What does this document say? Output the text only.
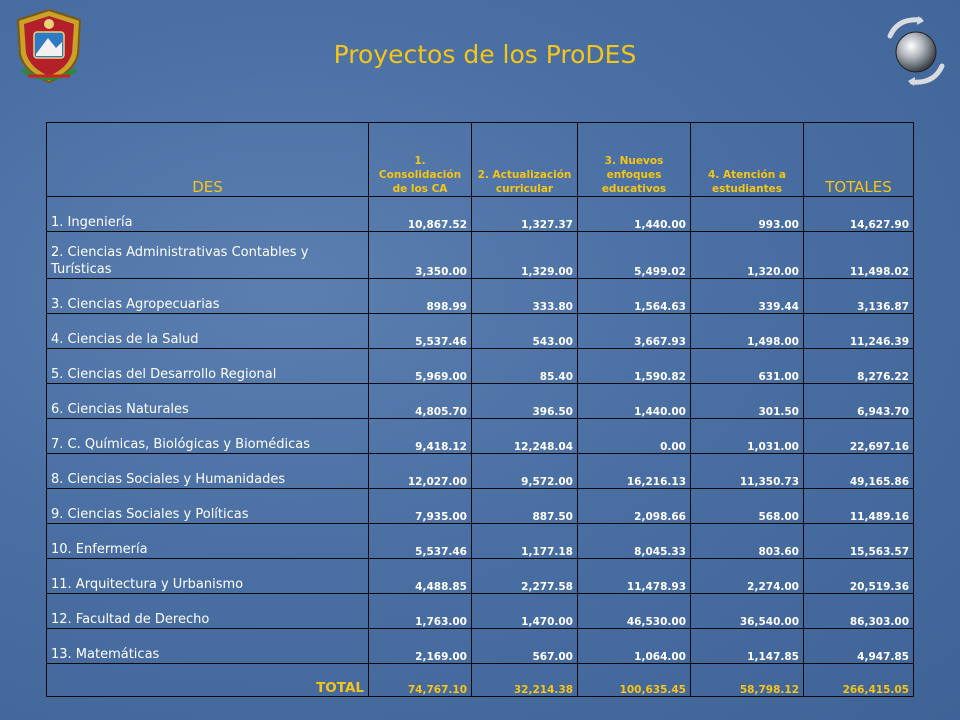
Proyectos de los ProDES
DES	1. Consolidación de los CA	2. Actualización curricular	3. Nuevos enfoques educativos	4. Atención a estudiantes	TOTALES
1. Ingeniería	10,867.52	1,327.37	1,440.00	993.00	14,627.90

2. Ciencias Administrativas Contables y Turísticas	3,350.00	1,329.00	5,499.02	1,320.00	11,498.02
3. Ciencias Agropecuarias	898.99	333.80	1,564.63	339.44	3,136.87
4. Ciencias de la Salud	5,537.46	543.00	3,667.93	1,498.00	11,246.39
5. Ciencias del Desarrollo Regional	5,969.00	85.40	1,590.82	631.00	8,276.22
6. Ciencias Naturales	4,805.70	396.50	1,440.00	301.50	6,943.70
7. C. Químicas, Biológicas y Biomédicas	9,418.12	12,248.04	0.00	1,031.00	22,697.16
8. Ciencias Sociales y Humanidades	12,027.00	9,572.00	16,216.13	11,350.73	49,165.86
9. Ciencias Sociales y Políticas	7,935.00	887.50	2,098.66	568.00	11,489.16
10. Enfermería	5,537.46	1,177.18	8,045.33	803.60	15,563.57
11. Arquitectura y Urbanismo	4,488.85	2,277.58	11,478.93	2,274.00	20,519.36
12. Facultad de Derecho	1,763.00	1,470.00	46,530.00	36,540.00	86,303.00
13. Matemáticas	2,169.00	567.00	1,064.00	1,147.85	4,947.85
TOTAL	74,767.10	32,214.38	100,635.45	58,798.12	266,415.05
